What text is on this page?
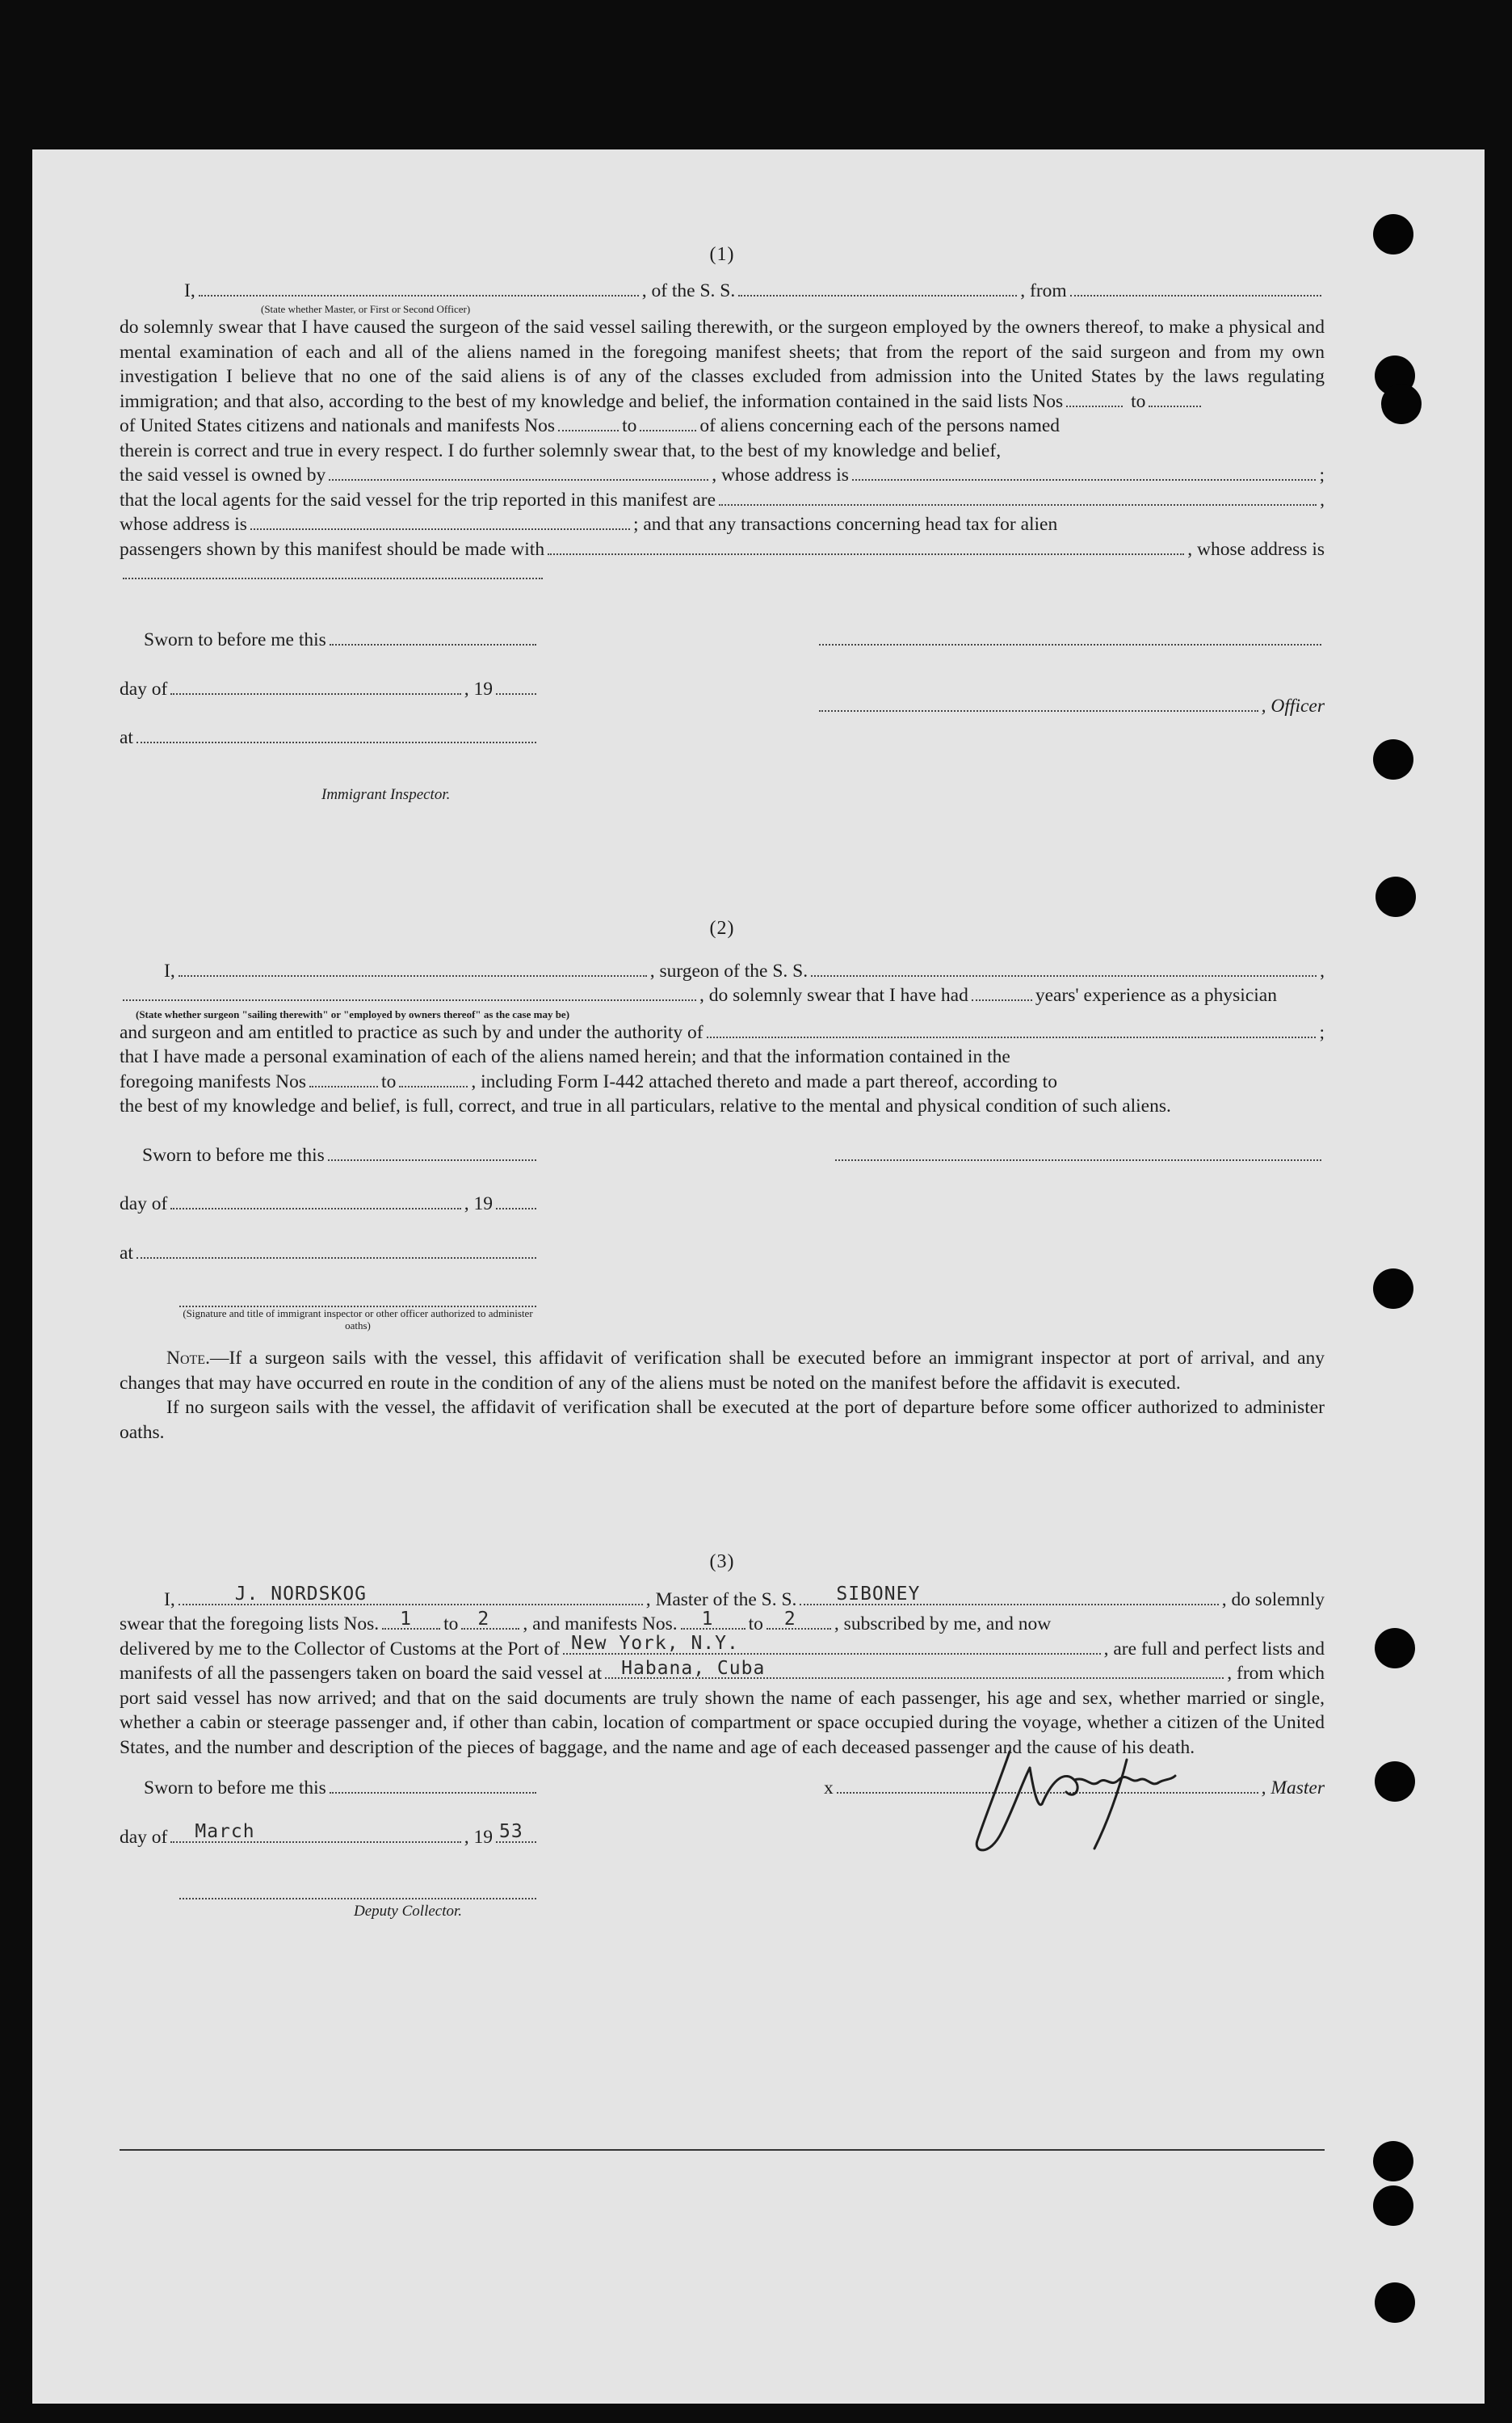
(1)

I,	, of the S. S.	, from
(State whether Master, or First or Second Officer)

do solemnly swear that I have caused the surgeon of the said vessel sailing therewith, or the surgeon employed by the owners thereof, to make a physical and mental examination of each and all of the aliens named in the foregoing manifest sheets; that from the report of the said surgeon and from my own investigation I believe that no one of the said aliens is of any of the classes excluded from admission into the United States by the laws regulating immigration; and that also, according to the best of my knowledge and belief, the information contained in the said lists Nos	to

of United States citizens and nationals and manifests Nos	to	of aliens concerning each of the persons named

therein is correct and true in every respect. I do further solemnly swear that, to the best of my knowledge and belief,

the said vessel is owned by	, whose address is	;
that the local agents for the said vessel for the trip reported in this manifest are	,
whose address is	; and that any transactions concerning head tax for alien
passengers shown by this manifest should be made with	, whose address is
Sworn to before me this
day of	, 19
at
Immigrant Inspector.
, Officer

(2)

I,	, surgeon of the S. S.	,
, do solemnly swear that I have had	years' experience as a physician
(State whether surgeon "sailing therewith" or "employed by owners thereof" as the case may be)
and surgeon and am entitled to practice as such by and under the authority of	;

that I have made a personal examination of each of the aliens named herein; and that the information contained in the

foregoing manifests Nos	to	, including Form I-442 attached thereto and made a part thereof, according to

the best of my knowledge and belief, is full, correct, and true in all particulars, relative to the mental and physical condition of such aliens.

Sworn to before me this
day of	, 19
at
(Signature and title of immigrant inspector or other officer authorized to administer oaths)

Note.—If a surgeon sails with the vessel, this affidavit of verification shall be executed before an immigrant inspector at port of arrival, and any changes that may have occurred en route in the condition of any of the aliens must be noted on the manifest before the affidavit is executed.

If no surgeon sails with the vessel, the affidavit of verification shall be executed at the port of departure before some officer authorized to administer oaths.

(3)

I,	J. NORDSKOG	, Master of the S. S. SIBONEY	, do solemnly
swear that the foregoing lists Nos. 1 to 2 , and manifests Nos. 1 to 2 , subscribed by me, and now
delivered by me to the Collector of Customs at the Port of New York, N.Y.	, are full and perfect lists and
manifests of all the passengers taken on board the said vessel at Habana, Cuba	, from which

port said vessel has now arrived; and that on the said documents are truly shown the name of each passenger, his age and sex, whether married or single, whether a cabin or steerage passenger and, if other than cabin, location of compartment or space occupied during the voyage, whether a citizen of the United States, and the number and description of the pieces of baggage, and the name and age of each deceased passenger and the cause of his death.

Sworn to before me this
day of March	, 19 53
Deputy Collector.
x	, Master
